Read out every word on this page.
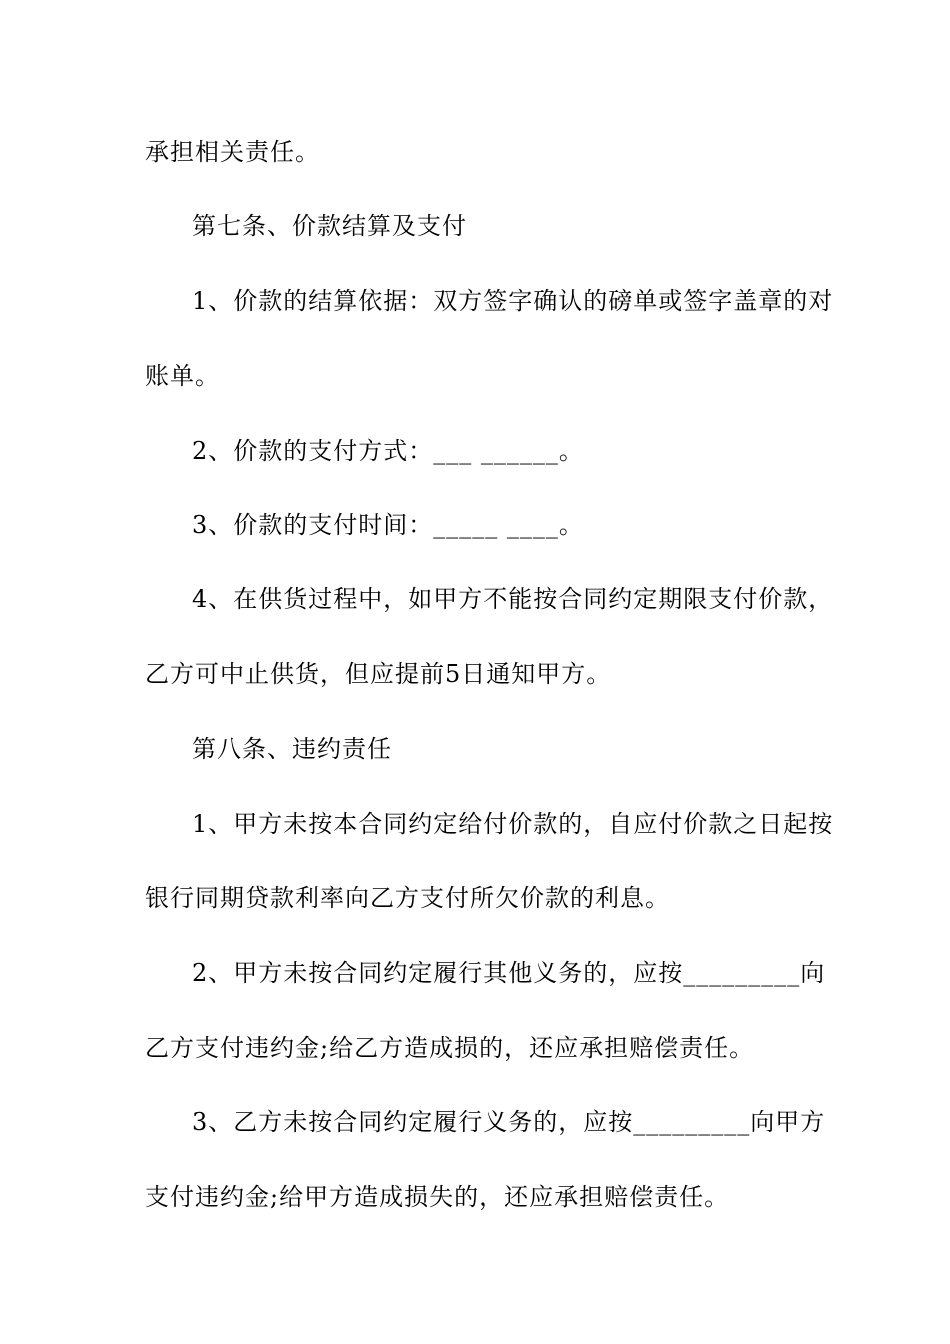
承担相关责任。
第七条、价款结算及支付
1、价款的结算依据：双方签字确认的磅单或签字盖章的对
账单。
2、价款的支付方式：___ ______。
3、价款的支付时间：_____ ____。
4、在供货过程中，如甲方不能按合同约定期限支付价款，
乙方可中止供货，但应提前5日通知甲方。
第八条、违约责任
1、甲方未按本合同约定给付价款的，自应付价款之日起按
银行同期贷款利率向乙方支付所欠价款的利息。
2、甲方未按合同约定履行其他义务的，应按_________向
乙方支付违约金;给乙方造成损的，还应承担赔偿责任。
3、乙方未按合同约定履行义务的，应按_________向甲方
支付违约金;给甲方造成损失的，还应承担赔偿责任。
